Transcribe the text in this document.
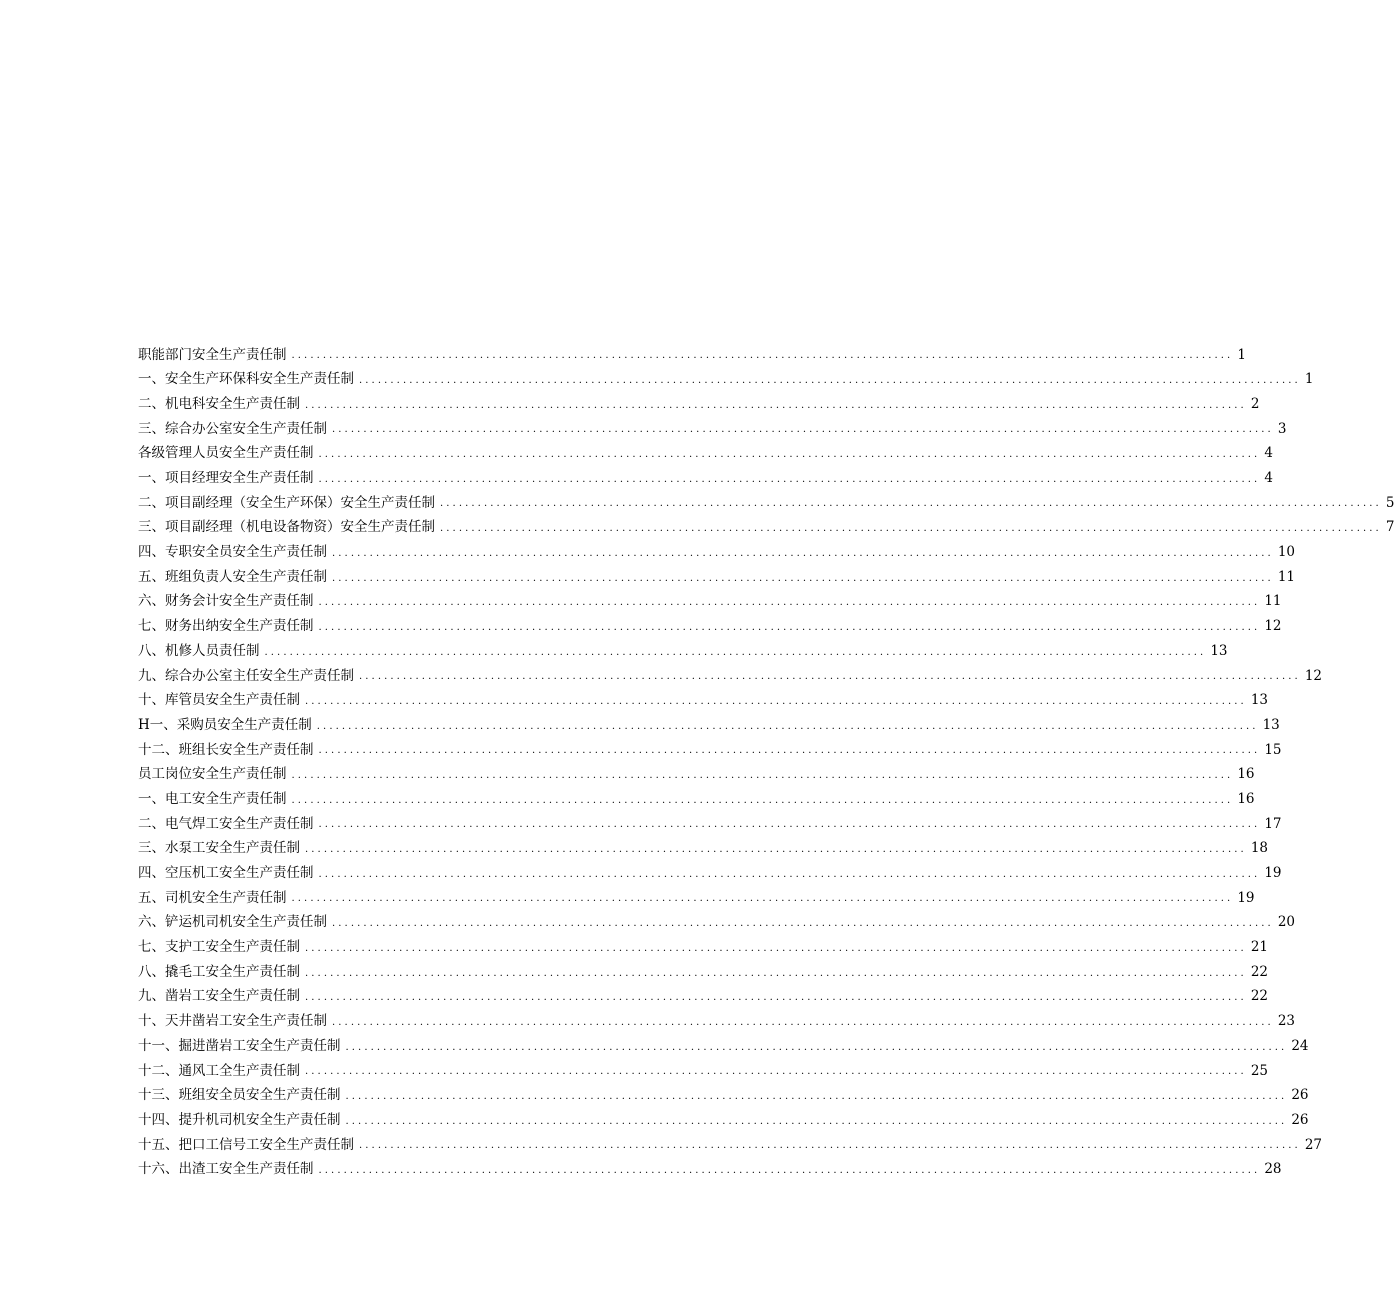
职能部门安全生产责任制 ...................................................................................................................................................... 1
一、安全生产环保科安全生产责任制 ...................................................................................................................................................... 1
二、机电科安全生产责任制 ...................................................................................................................................................... 2
三、综合办公室安全生产责任制 ...................................................................................................................................................... 3
各级管理人员安全生产责任制 ...................................................................................................................................................... 4
一、项目经理安全生产责任制 ...................................................................................................................................................... 4
二、项目副经理（安全生产环保）安全生产责任制 ...................................................................................................................................................... 5
三、项目副经理（机电设备物资）安全生产责任制 ...................................................................................................................................................... 7
四、专职安全员安全生产责任制 ...................................................................................................................................................... 10
五、班组负责人安全生产责任制 ...................................................................................................................................................... 11
六、财务会计安全生产责任制 ...................................................................................................................................................... 11
七、财务出纳安全生产责任制 ...................................................................................................................................................... 12
八、机修人员责任制 ...................................................................................................................................................... 13
九、综合办公室主任安全生产责任制 ...................................................................................................................................................... 12
十、库管员安全生产责任制 ...................................................................................................................................................... 13
H一、采购员安全生产责任制 ...................................................................................................................................................... 13
十二、班组长安全生产责任制 ...................................................................................................................................................... 15
员工岗位安全生产责任制 ...................................................................................................................................................... 16
一、电工安全生产责任制 ...................................................................................................................................................... 16
二、电气焊工安全生产责任制 ...................................................................................................................................................... 17
三、水泵工安全生产责任制 ...................................................................................................................................................... 18
四、空压机工安全生产责任制 ...................................................................................................................................................... 19
五、司机安全生产责任制 ...................................................................................................................................................... 19
六、铲运机司机安全生产责任制 ...................................................................................................................................................... 20
七、支护工安全生产责任制 ...................................................................................................................................................... 21
八、撬毛工安全生产责任制 ...................................................................................................................................................... 22
九、凿岩工安全生产责任制 ...................................................................................................................................................... 22
十、天井凿岩工安全生产责任制 ...................................................................................................................................................... 23
十一、掘进凿岩工安全生产责任制 ...................................................................................................................................................... 24
十二、通风工全生产责任制 ...................................................................................................................................................... 25
十三、班组安全员安全生产责任制 ...................................................................................................................................................... 26
十四、提升机司机安全生产责任制 ...................................................................................................................................................... 26
十五、把口工信号工安全生产责任制 ...................................................................................................................................................... 27
十六、出渣工安全生产责任制 ...................................................................................................................................................... 28
